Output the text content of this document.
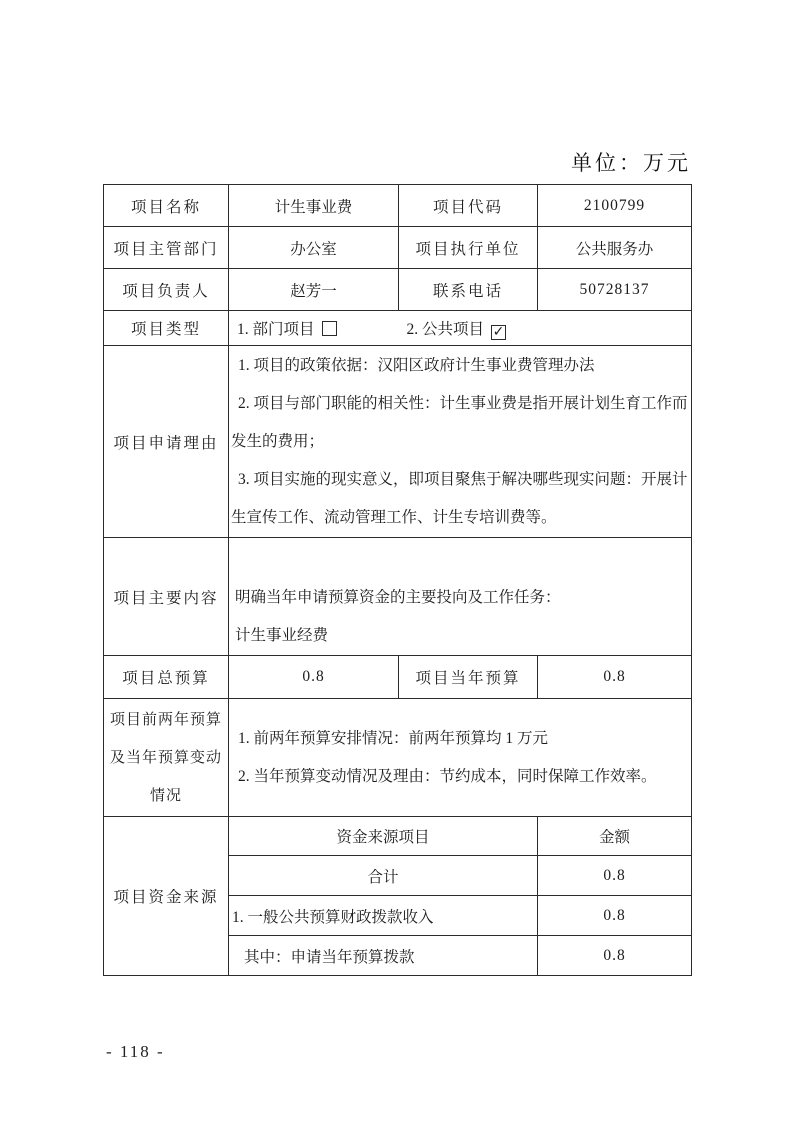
单位：万元
项目名称	计生事业费	项目代码	2100799
项目主管部门	办公室	项目执行单位	公共服务办
项目负责人	赵芳一	联系电话	50728137
项目类型	1. 部门项目 2. 公共项目 ✓		
项目申请理由	1. 项目的政策依据：汉阳区政府计生事业费管理办法
2. 项目与部门职能的相关性：计生事业费是指开展计划生育工作而
发生的费用；
3. 项目实施的现实意义，即项目聚焦于解决哪些现实问题：开展计
生宣传工作、流动管理工作、计生专培训费等。		

项目主要内容	明确当年申请预算资金的主要投向及工作任务：
计生事业经费		

项目总预算	0.8	项目当年预算	0.8
项目前两年预算及当年预算变动情况	1. 前两年预算安排情况：前两年预算均 1 万元
2. 当年预算变动情况及理由：节约成本，同时保障工作效率。		

项目资金来源	资金来源项目		金额
	合计		0.8
	1. 一般公共预算财政拨款收入		0.8
	其中：申请当年预算拨款		0.8
- 118 -
